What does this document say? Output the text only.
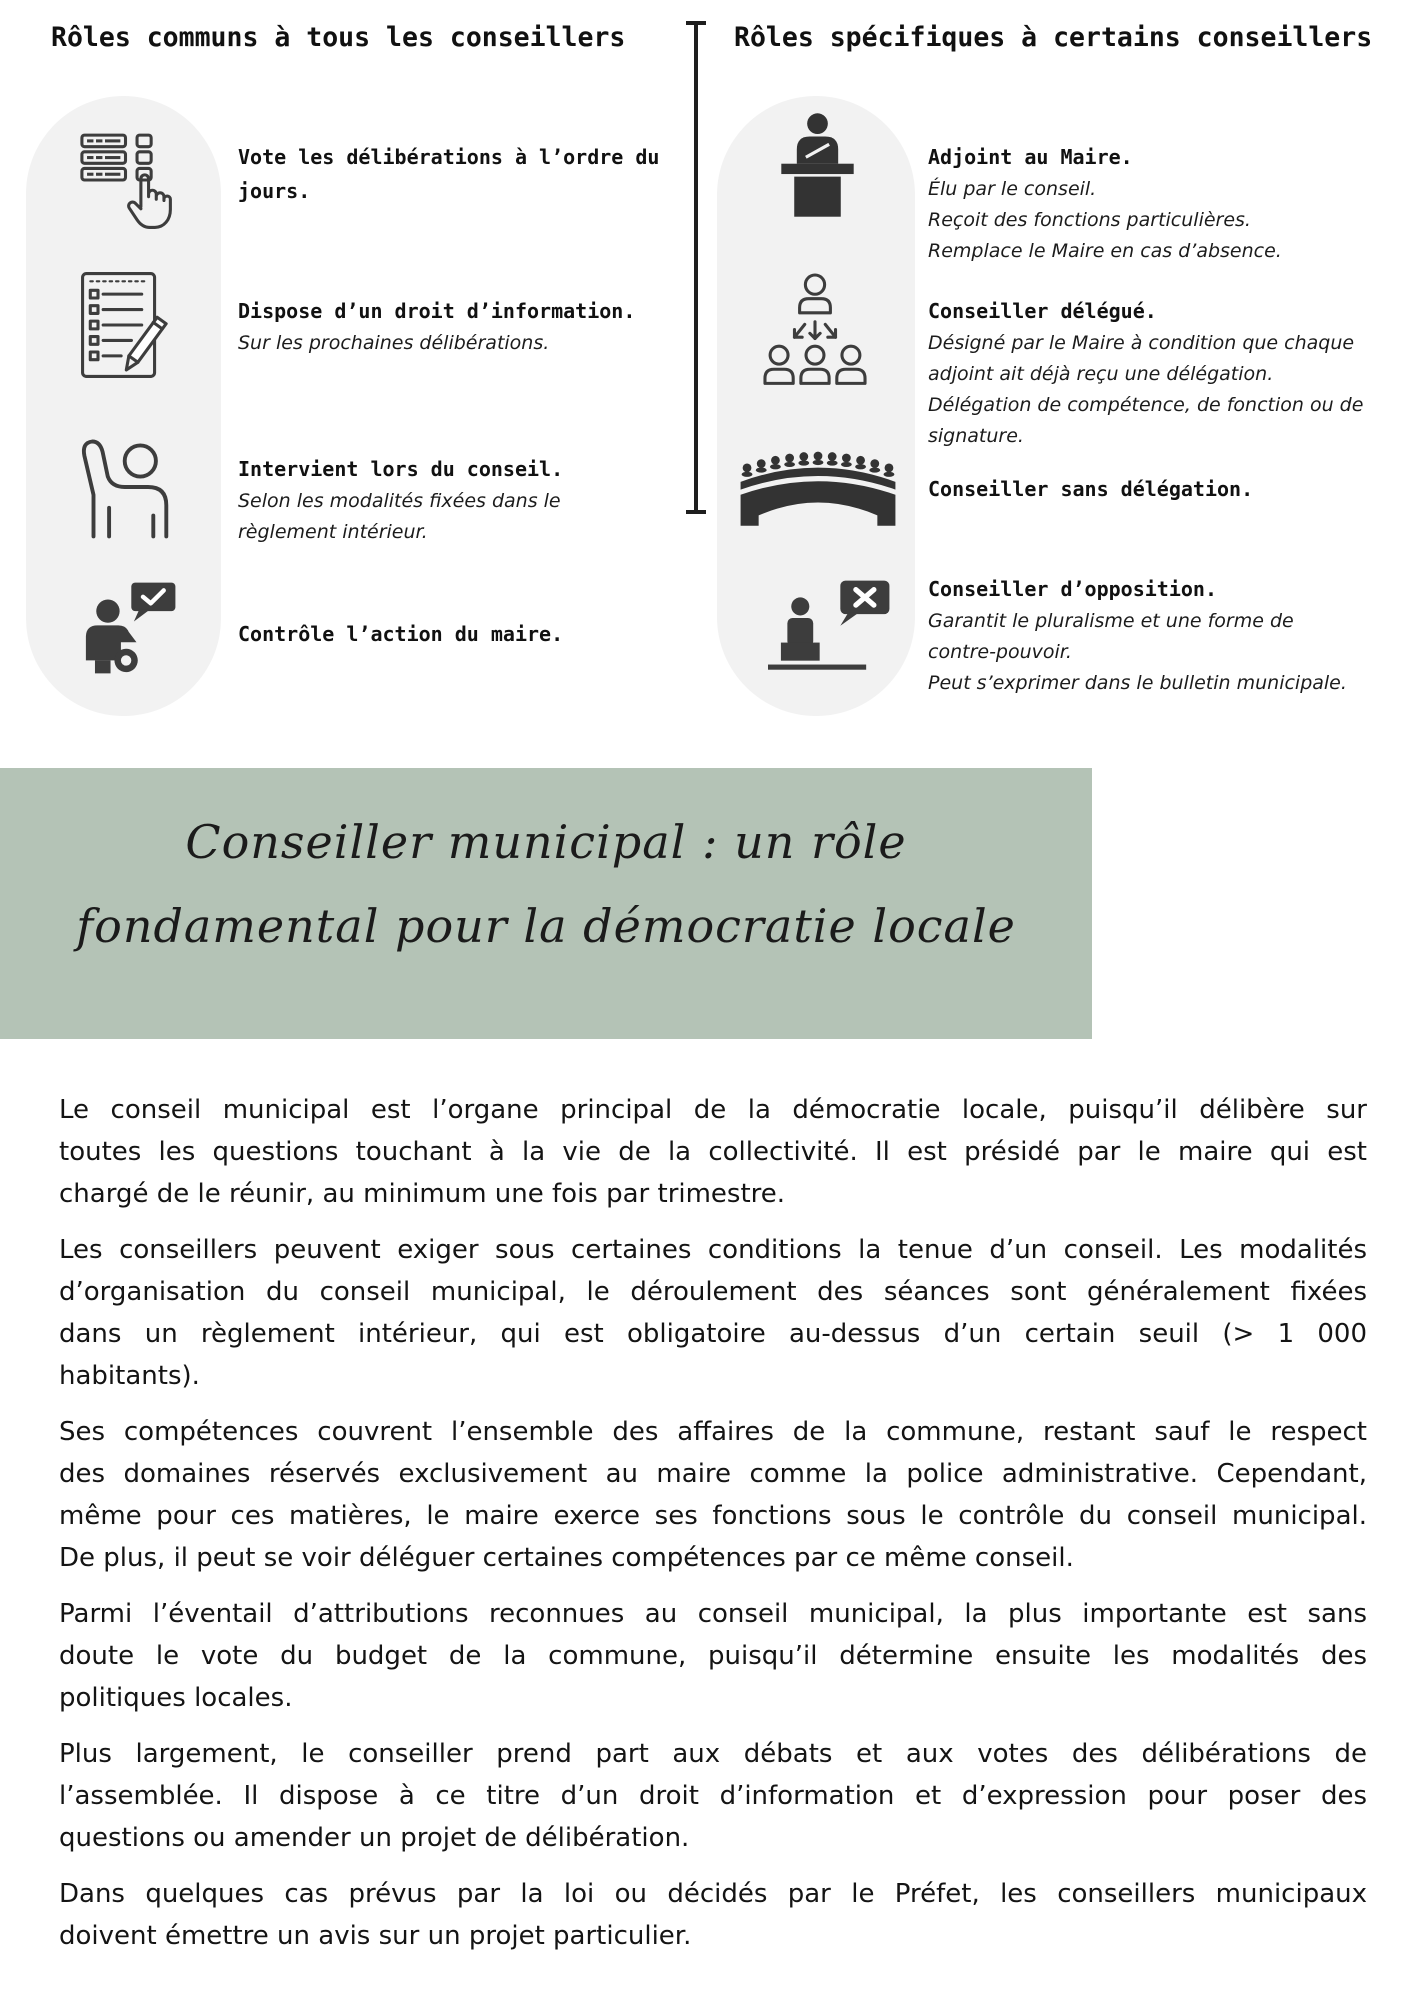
Rôles communs à tous les conseillers	Rôles spécifiques à certains conseillers
Vote les délibérations à l’ordre du
jours.
Dispose d’un droit d’information.
Sur les prochaines délibérations.
Intervient lors du conseil.
Selon les modalités fixées dans le
règlement intérieur.
Contrôle l’action du maire.
Adjoint au Maire.
Élu par le conseil.
Reçoit des fonctions particulières.
Remplace le Maire en cas d’absence.
Conseiller délégué.
Désigné par le Maire à condition que chaque
adjoint ait déjà reçu une délégation.
Délégation de compétence, de fonction ou de
signature.
Conseiller sans délégation.
Conseiller d’opposition.
Garantit le pluralisme et une forme de
contre-pouvoir.
Peut s’exprimer dans le bulletin municipale.
Conseiller municipal : un rôle
fondamental pour la démocratie locale
Le conseil municipal est l’organe principal de la démocratie locale, puisqu’il délibère sur
toutes les questions touchant à la vie de la collectivité. Il est présidé par le maire qui est
chargé de le réunir, au minimum une fois par trimestre.
Les conseillers peuvent exiger sous certaines conditions la tenue d’un conseil. Les modalités
d’organisation du conseil municipal, le déroulement des séances sont généralement fixées
dans un règlement intérieur, qui est obligatoire au-dessus d’un certain seuil (> 1 000
habitants).
Ses compétences couvrent l’ensemble des affaires de la commune, restant sauf le respect
des domaines réservés exclusivement au maire comme la police administrative. Cependant,
même pour ces matières, le maire exerce ses fonctions sous le contrôle du conseil municipal.
De plus, il peut se voir déléguer certaines compétences par ce même conseil.
Parmi l’éventail d’attributions reconnues au conseil municipal, la plus importante est sans
doute le vote du budget de la commune, puisqu’il détermine ensuite les modalités des
politiques locales.
Plus largement, le conseiller prend part aux débats et aux votes des délibérations de
l’assemblée. Il dispose à ce titre d’un droit d’information et d’expression pour poser des
questions ou amender un projet de délibération.
Dans quelques cas prévus par la loi ou décidés par le Préfet, les conseillers municipaux
doivent émettre un avis sur un projet particulier.
